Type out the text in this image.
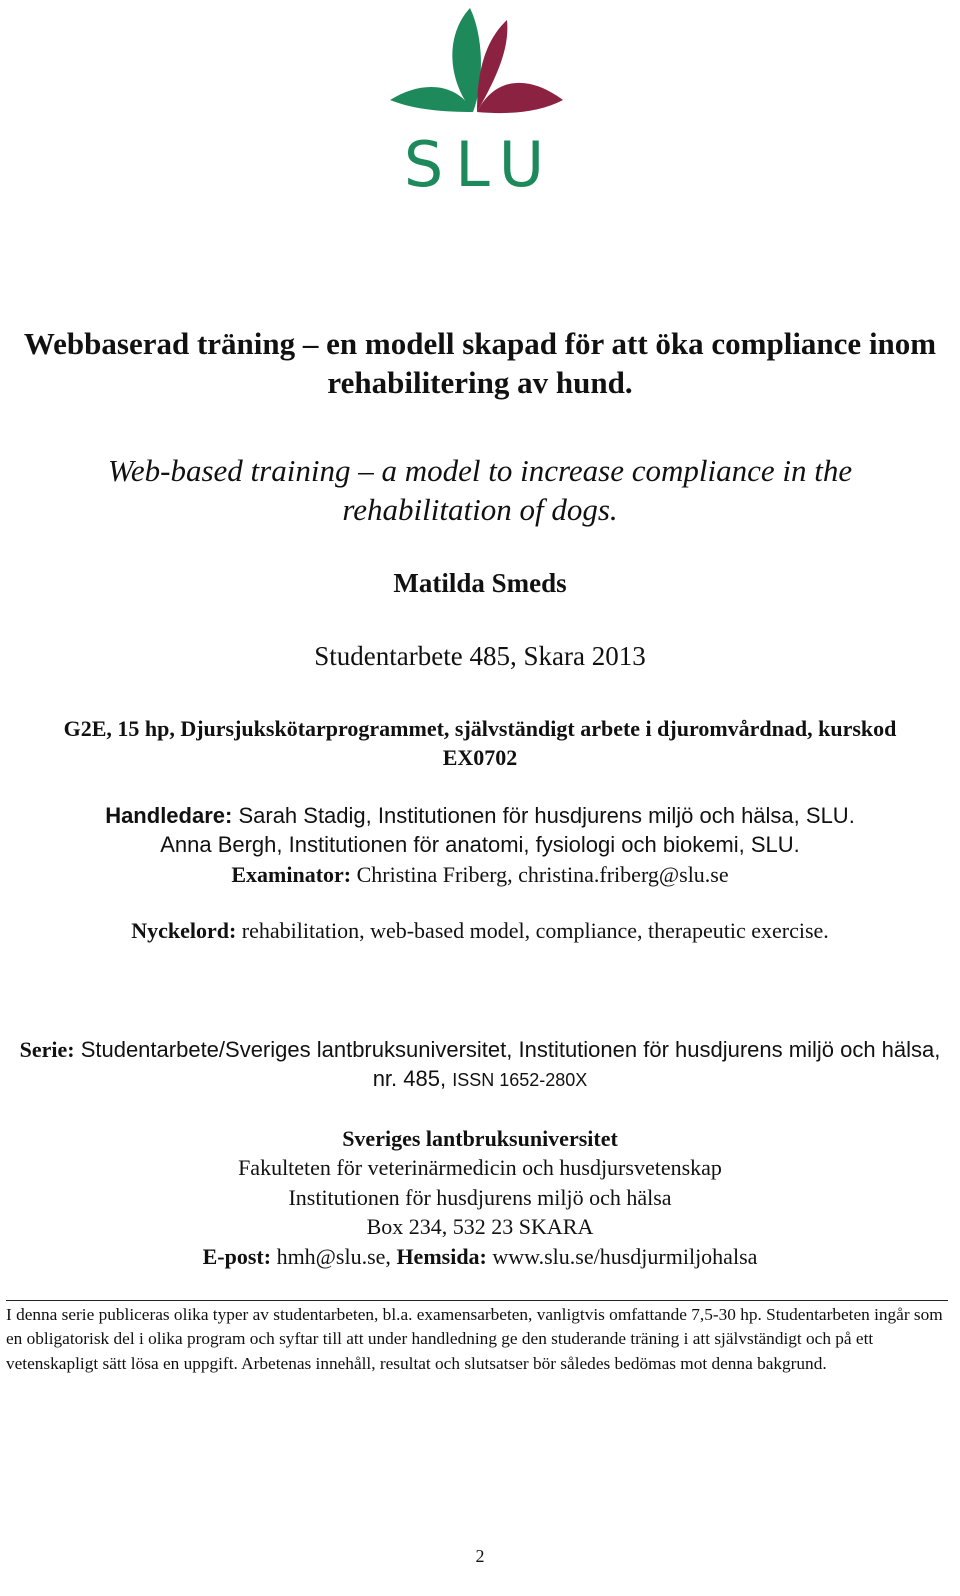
SLU
Webbaserad träning – en modell skapad för att öka compliance inom rehabilitering av hund.
Web-based training – a model to increase compliance in the rehabilitation of dogs.
Matilda Smeds
Studentarbete 485, Skara 2013
G2E, 15 hp, Djursjukskötarprogrammet, självständigt arbete i djuromvårdnad, kurskod EX0702
Handledare: Sarah Stadig, Institutionen för husdjurens miljö och hälsa, SLU.
Anna Bergh, Institutionen för anatomi, fysiologi och biokemi, SLU.
Examinator: Christina Friberg, christina.friberg@slu.se
Nyckelord: rehabilitation, web-based model, compliance, therapeutic exercise.
Serie: Studentarbete/Sveriges lantbruksuniversitet, Institutionen för husdjurens miljö och hälsa, nr. 485, ISSN 1652-280X
Sveriges lantbruksuniversitet
Fakulteten för veterinärmedicin och husdjursvetenskap
Institutionen för husdjurens miljö och hälsa
Box 234, 532 23 SKARA
E-post: hmh@slu.se, Hemsida: www.slu.se/husdjurmiljohalsa
I denna serie publiceras olika typer av studentarbeten, bl.a. examensarbeten, vanligtvis omfattande 7,5-30 hp. Studentarbeten ingår som en obligatorisk del i olika program och syftar till att under handledning ge den studerande träning i att självständigt och på ett vetenskapligt sätt lösa en uppgift. Arbetenas innehåll, resultat och slutsatser bör således bedömas mot denna bakgrund.
2
